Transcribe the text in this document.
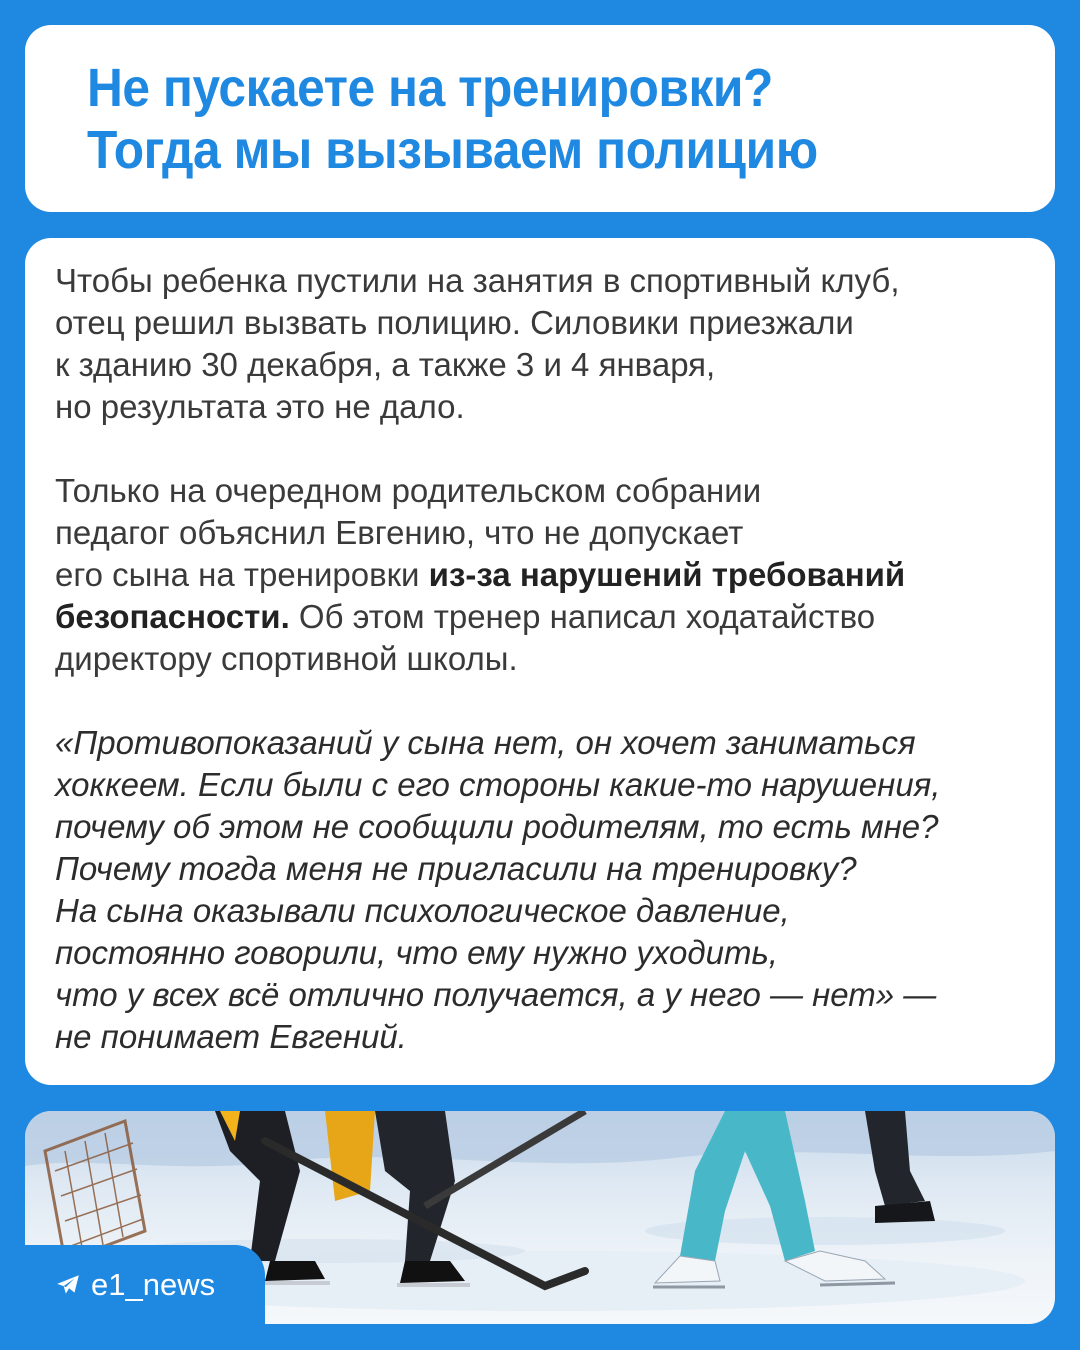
Не пускаете на тренировки?
Тогда мы вызываем полицию

Чтобы ребенка пустили на занятия в спортивный клуб,
отец решил вызвать полицию. Силовики приезжали
к зданию 30 декабря, а также 3 и 4 января,
но результата это не дало.

Только на очередном родительском собрании
педагог объяснил Евгению, что не допускает
его сына на тренировки из-за нарушений требований
безопасности. Об этом тренер написал ходатайство
директору спортивной школы.

«Противопоказаний у сына нет, он хочет заниматься
хоккеем. Если были с его стороны какие-то нарушения,
почему об этом не сообщили родителям, то есть мне?
Почему тогда меня не пригласили на тренировку?
На сына оказывали психологическое давление,
постоянно говорили, что ему нужно уходить,
что у всех всё отлично получается, а у него — нет» —
не понимает Евгений.

e1_news
